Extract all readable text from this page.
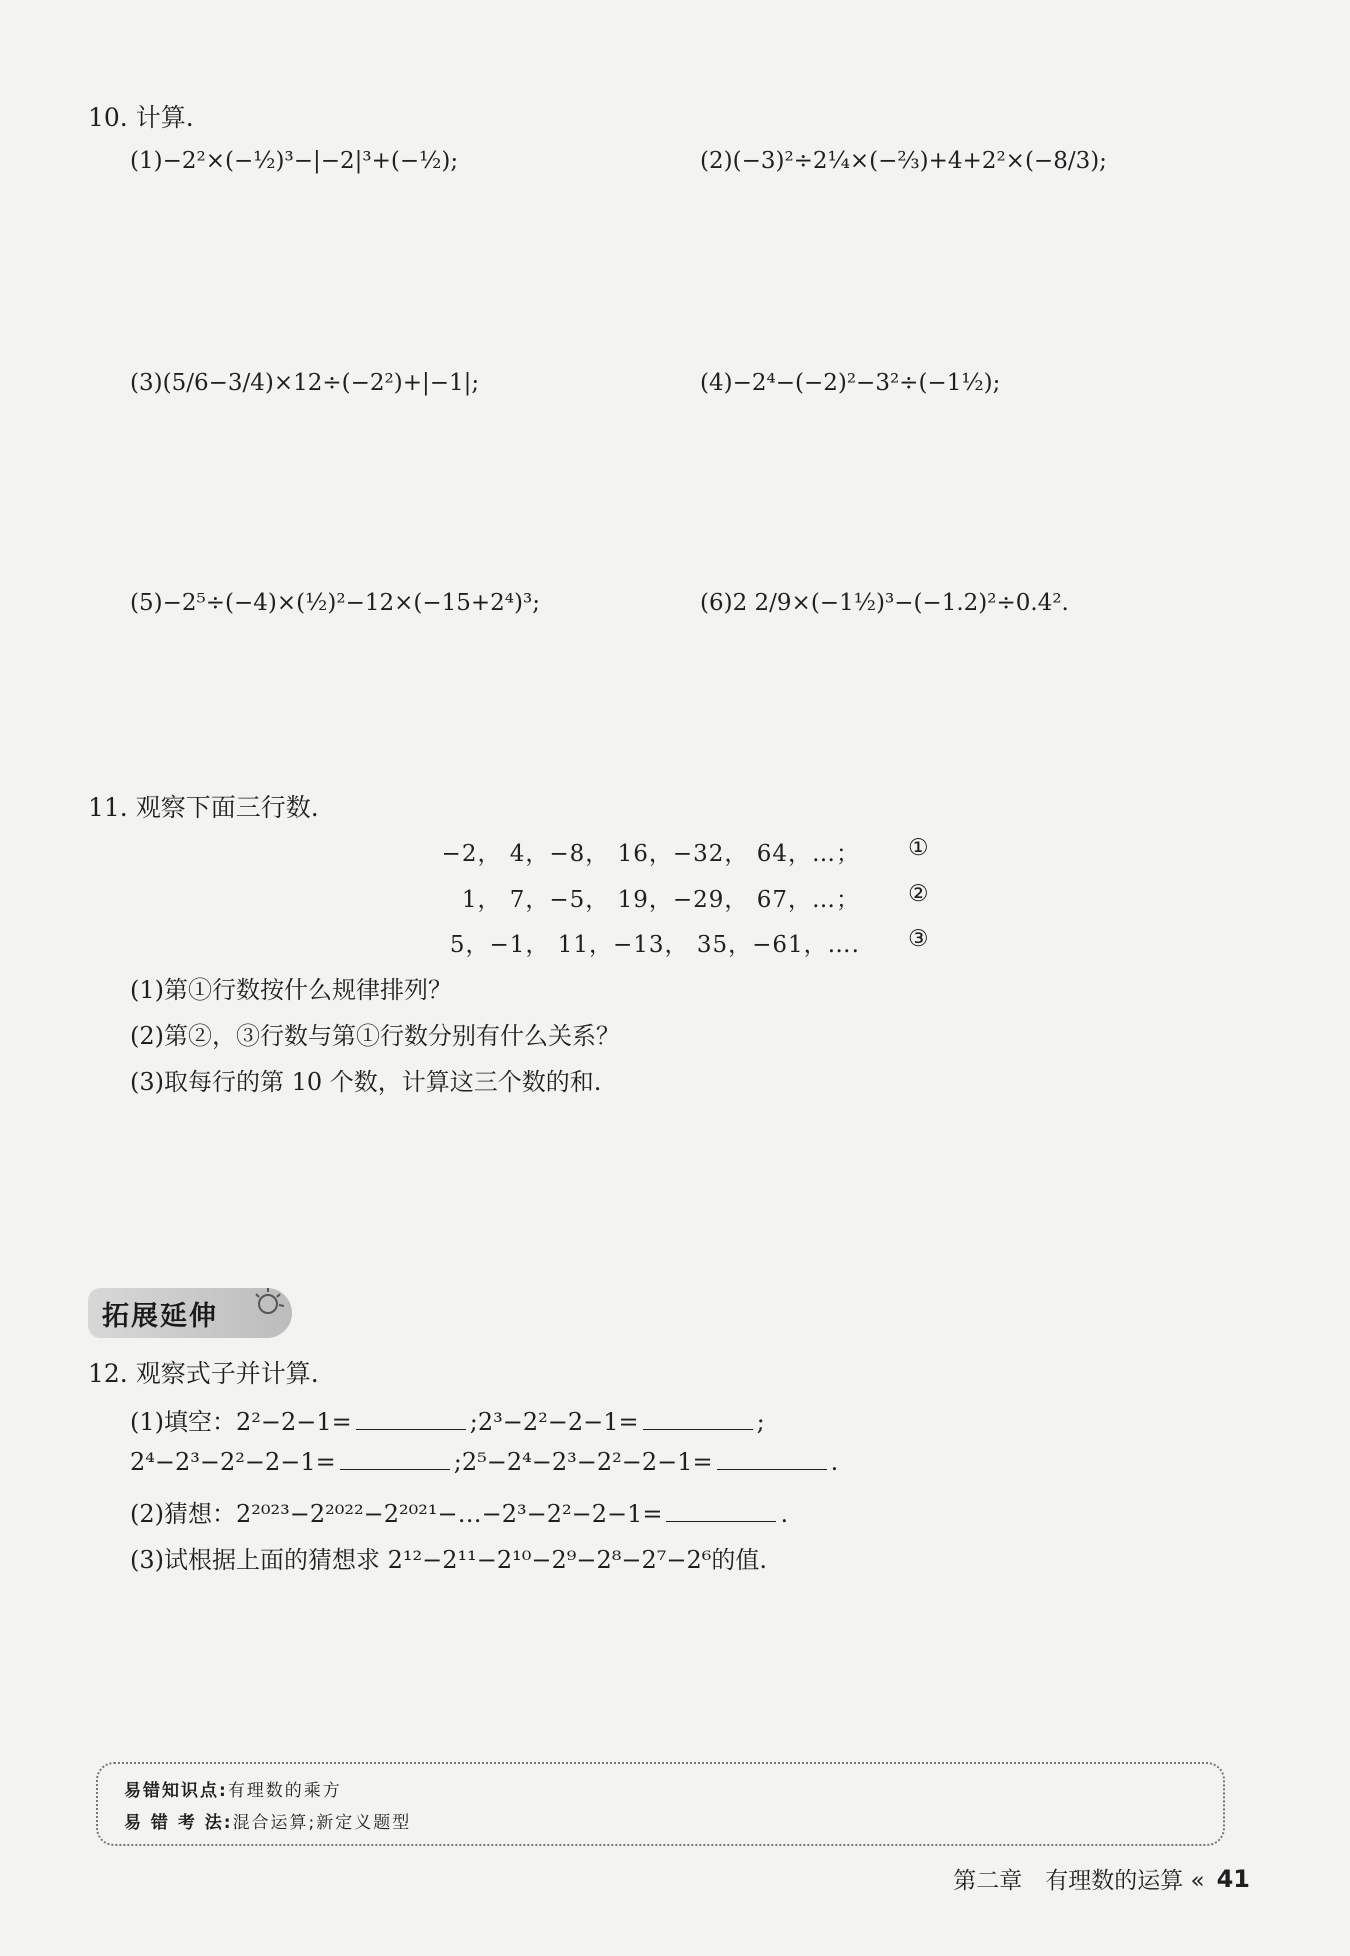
10. 计算.
(1) −2²×(−½)³−|−2|³+(−½);	(2) (−3)²÷2¼×(−⅔)+4+2²×(−8/3);
(3) (5/6−3/4)×12÷(−2²)+|−1|;	(4) −2⁴−(−2)²−3²÷(−1½);
(5) −2⁵÷(−4)×(½)²−12×(−15+2⁴)³;	(6) 2 2/9×(−1½)³−(−1.2)²÷0.4².
11. 观察下面三行数.
−2， 4，−8， 16，−32， 64，…； ①
1， 7，−5， 19，−29， 67，…； ②
5，−1， 11，−13， 35，−61，…. ③
(1)第①行数按什么规律排列？
(2)第②，③行数与第①行数分别有什么关系？
(3)取每行的第 10 个数，计算这三个数的和.
拓展延伸
12. 观察式子并计算.
(1)填空：2²−2−1=	;2³−2²−2−1=	;
2⁴−2³−2²−2−1=	;2⁵−2⁴−2³−2²−2−1=	.
(2)猜想：2²⁰²³−2²⁰²²−2²⁰²¹−…−2³−2²−2−1=	.
(3)试根据上面的猜想求 2¹²−2¹¹−2¹⁰−2⁹−2⁸−2⁷−2⁶的值.
易错知识点:有理数的乘方
易 错 考 法:混合运算;新定义题型
第二章　有理数的运算 « 41
